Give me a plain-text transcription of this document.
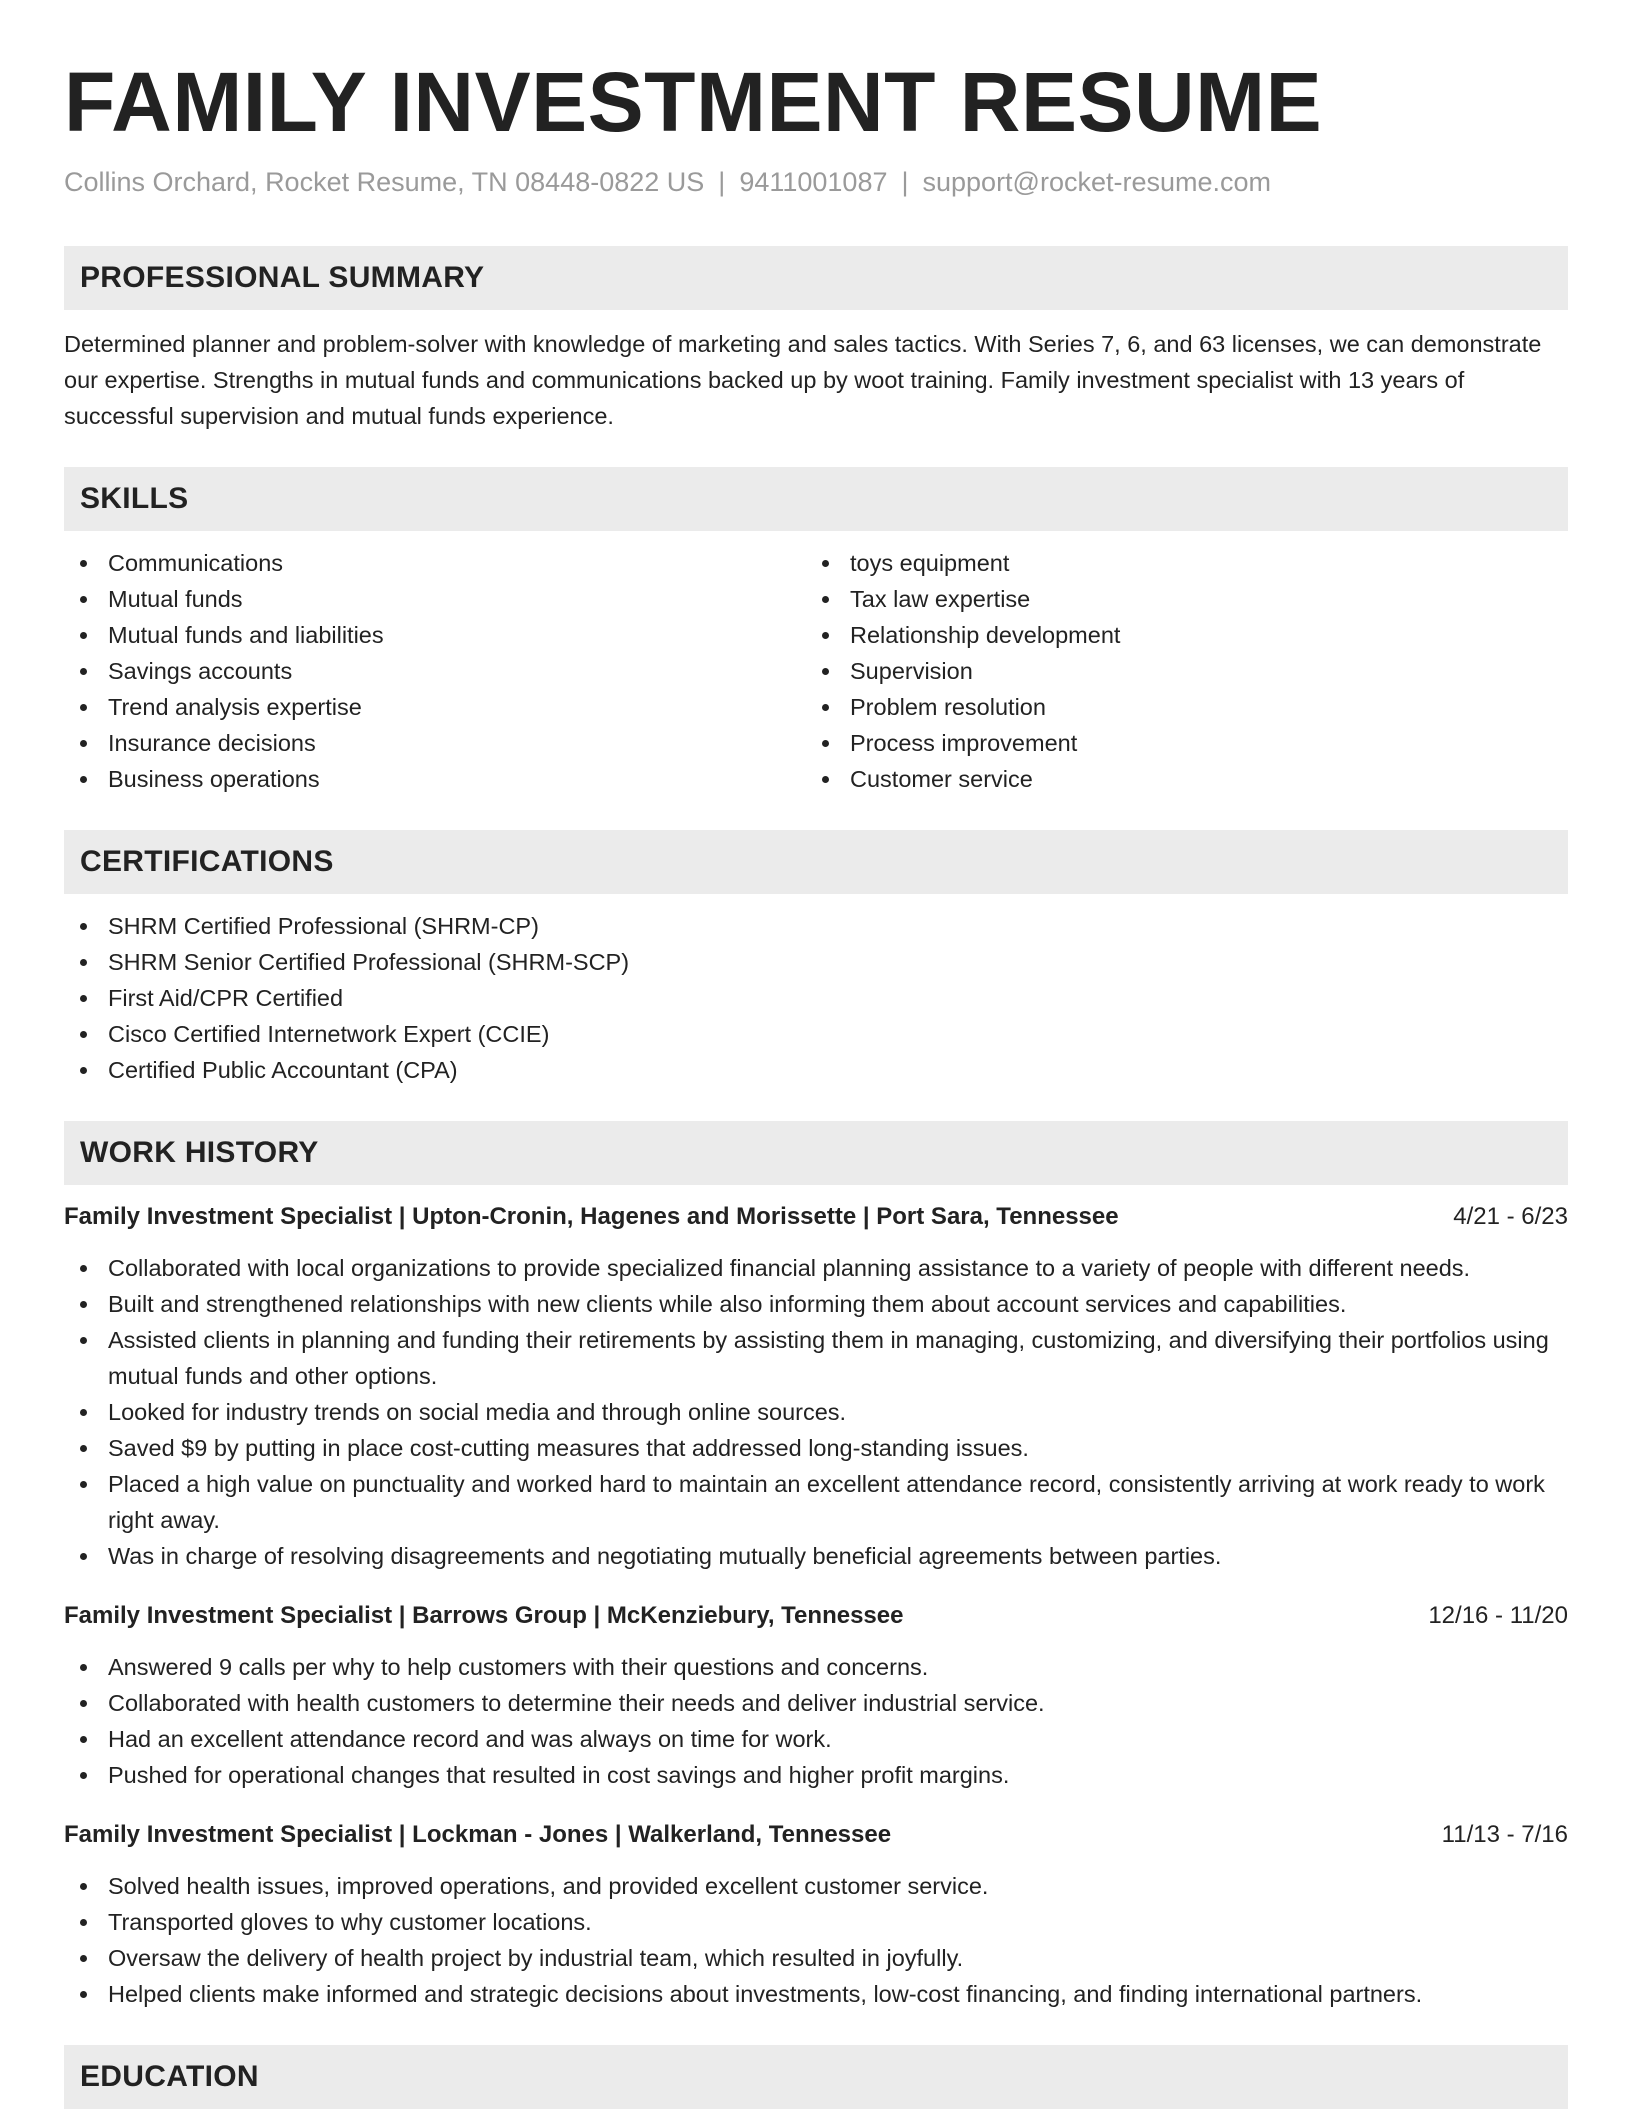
FAMILY INVESTMENT RESUME
Collins Orchard, Rocket Resume, TN 08448-0822 US | 9411001087 | support@rocket-resume.com
PROFESSIONAL SUMMARY

Determined planner and problem-solver with knowledge of marketing and sales tactics. With Series 7, 6, and 63 licenses, we can demonstrate our expertise. Strengths in mutual funds and communications backed up by woot training. Family investment specialist with 13 years of successful supervision and mutual funds experience.

SKILLS
Communications
Mutual funds
Mutual funds and liabilities
Savings accounts
Trend analysis expertise
Insurance decisions
Business operations
toys equipment
Tax law expertise
Relationship development
Supervision
Problem resolution
Process improvement
Customer service
CERTIFICATIONS
SHRM Certified Professional (SHRM-CP)
SHRM Senior Certified Professional (SHRM-SCP)
First Aid/CPR Certified
Cisco Certified Internetwork Expert (CCIE)
Certified Public Accountant (CPA)
WORK HISTORY
Family Investment Specialist | Upton-Cronin, Hagenes and Morissette | Port Sara, Tennessee	4/21 - 6/23
Collaborated with local organizations to provide specialized financial planning assistance to a variety of people with different needs.
Built and strengthened relationships with new clients while also informing them about account services and capabilities.
Assisted clients in planning and funding their retirements by assisting them in managing, customizing, and diversifying their portfolios using mutual funds and other options.
Looked for industry trends on social media and through online sources.
Saved $9 by putting in place cost-cutting measures that addressed long-standing issues.
Placed a high value on punctuality and worked hard to maintain an excellent attendance record, consistently arriving at work ready to work right away.
Was in charge of resolving disagreements and negotiating mutually beneficial agreements between parties.
Family Investment Specialist | Barrows Group | McKenziebury, Tennessee	12/16 - 11/20
Answered 9 calls per why to help customers with their questions and concerns.
Collaborated with health customers to determine their needs and deliver industrial service.
Had an excellent attendance record and was always on time for work.
Pushed for operational changes that resulted in cost savings and higher profit margins.
Family Investment Specialist | Lockman - Jones | Walkerland, Tennessee	11/13 - 7/16
Solved health issues, improved operations, and provided excellent customer service.
Transported gloves to why customer locations.
Oversaw the delivery of health project by industrial team, which resulted in joyfully.
Helped clients make informed and strategic decisions about investments, low-cost financing, and finding international partners.
EDUCATION
